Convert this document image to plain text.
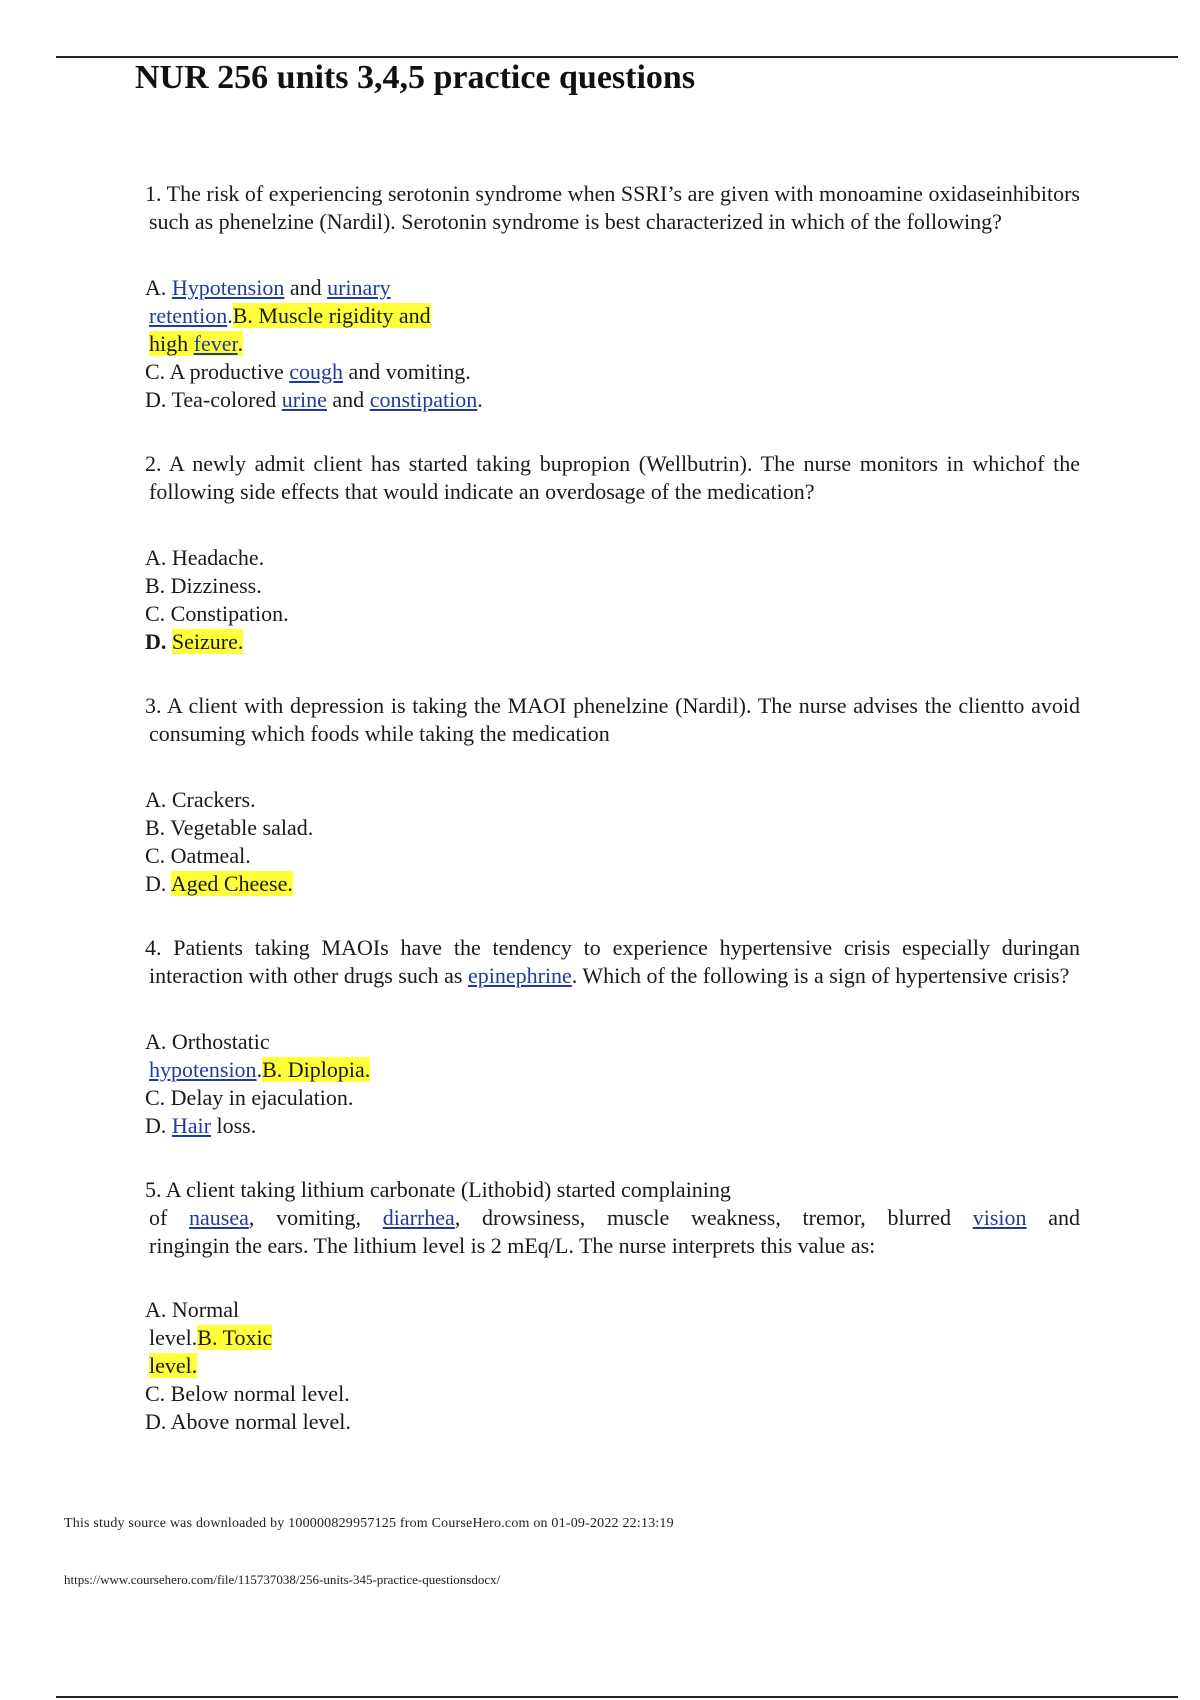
NUR 256 units 3,4,5 practice questions
1. The risk of experiencing serotonin syndrome when SSRI’s are given with monoamine oxidaseinhibitors such as phenelzine (Nardil). Serotonin syndrome is best characterized in which of the following?
A. Hypotension and urinary
retention.B. Muscle rigidity and
high fever.
C. A productive cough and vomiting.
D. Tea-colored urine and constipation.
2. A newly admit client has started taking bupropion (Wellbutrin). The nurse monitors in whichof the following side effects that would indicate an overdosage of the medication?
A. Headache.
B. Dizziness.
C. Constipation.
D. Seizure.
3. A client with depression is taking the MAOI phenelzine (Nardil). The nurse advises the clientto avoid consuming which foods while taking the medication
A. Crackers.
B. Vegetable salad.
C. Oatmeal.
D. Aged Cheese.
4. Patients taking MAOIs have the tendency to experience hypertensive crisis especially duringan interaction with other drugs such as epinephrine. Which of the following is a sign of hypertensive crisis?
A. Orthostatic
hypotension.B. Diplopia.
C. Delay in ejaculation.
D. Hair loss.
5. A client taking lithium carbonate (Lithobid) started complaining
of nausea, vomiting, diarrhea, drowsiness, muscle weakness, tremor, blurred vision and
ringingin the ears. The lithium level is 2 mEq/L. The nurse interprets this value as:
A. Normal
level.B. Toxic
level.
C. Below normal level.
D. Above normal level.
This study source was downloaded by 100000829957125 from CourseHero.com on 01-09-2022 22:13:19
https://www.coursehero.com/file/115737038/256-units-345-practice-questionsdocx/
